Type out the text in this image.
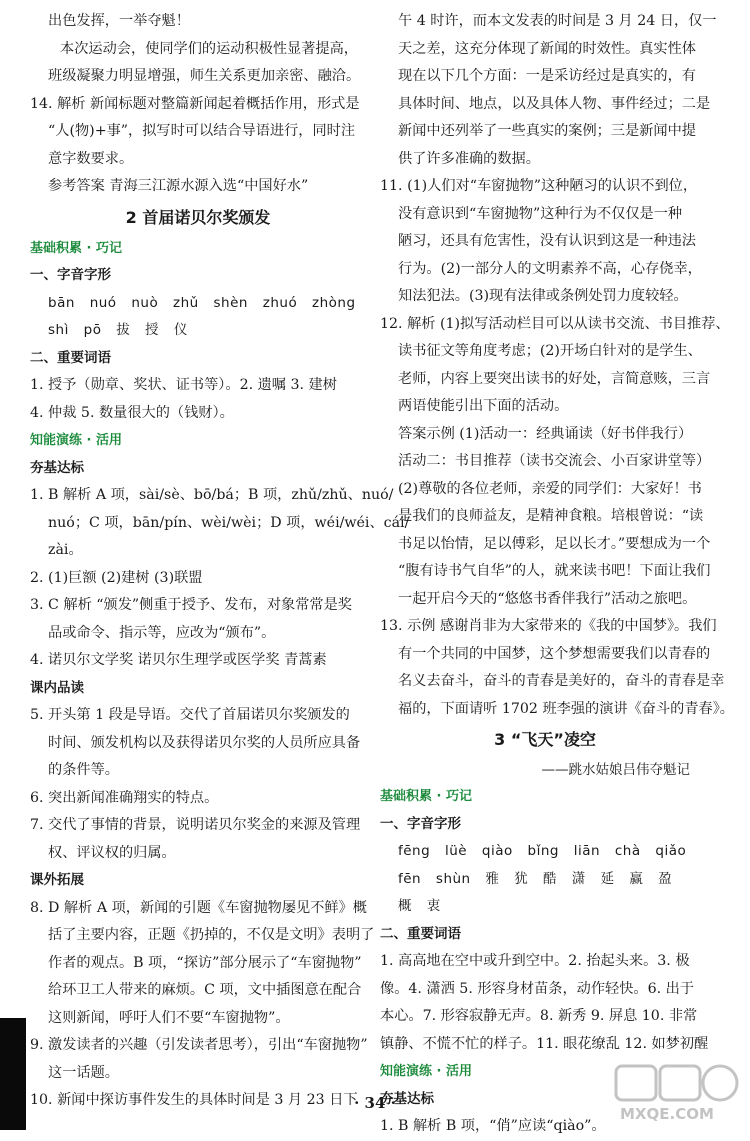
出色发挥，一举夺魁！
本次运动会，使同学们的运动积极性显著提高，
班级凝聚力明显增强，师生关系更加亲密、融洽。
14. 解析 新闻标题对整篇新闻起着概括作用，形式是
“人(物)+事”，拟写时可以结合导语进行，同时注
意字数要求。
参考答案 青海三江源水源入选“中国好水”
2 首届诺贝尔奖颁发
基础积累 · 巧记
一、字音字形
bān nuó nuò zhǔ shèn zhuó zhòng
shì pō 拔 授 仪
二、重要词语
1. 授予（勋章、奖状、证书等）。2. 遗嘱 3. 建树
4. 仲裁 5. 数量很大的（钱财）。
知能演练 · 活用
夯基达标
1. B 解析 A 项，sài/sè、bō/bá；B 项，zhǔ/zhǔ、nuó/
nuó；C 项，bān/pín、wèi/wèi；D 项，wéi/wéi、cái/
zài。
2. (1)巨额 (2)建树 (3)联盟
3. C 解析 “颁发”侧重于授予、发布，对象常常是奖
品或命令、指示等，应改为“颁布”。
4. 诺贝尔文学奖 诺贝尔生理学或医学奖 青蒿素
课内品读
5. 开头第 1 段是导语。交代了首届诺贝尔奖颁发的
时间、颁发机构以及获得诺贝尔奖的人员所应具备
的条件等。
6. 突出新闻准确翔实的特点。
7. 交代了事情的背景，说明诺贝尔奖金的来源及管理
权、评议权的归属。
课外拓展
8. D 解析 A 项，新闻的引题《车窗抛物屡见不鲜》概
括了主要内容，正题《扔掉的，不仅是文明》表明了
作者的观点。B 项，“探访”部分展示了“车窗抛物”
给环卫工人带来的麻烦。C 项，文中插图意在配合
这则新闻，呼吁人们不要“车窗抛物”。
9. 激发读者的兴趣（引发读者思考），引出“车窗抛物”
这一话题。
10. 新闻中探访事件发生的具体时间是 3 月 23 日下
午 4 时许，而本文发表的时间是 3 月 24 日，仅一
天之差，这充分体现了新闻的时效性。真实性体
现在以下几个方面：一是采访经过是真实的，有
具体时间、地点，以及具体人物、事件经过；二是
新闻中还列举了一些真实的案例；三是新闻中提
供了许多准确的数据。
11. (1)人们对“车窗抛物”这种陋习的认识不到位，
没有意识到“车窗抛物”这种行为不仅仅是一种
陋习，还具有危害性，没有认识到这是一种违法
行为。(2)一部分人的文明素养不高，心存侥幸，
知法犯法。(3)现有法律或条例处罚力度较轻。
12. 解析 (1)拟写活动栏目可以从读书交流、书目推荐、
读书征文等角度考虑；(2)开场白针对的是学生、
老师，内容上要突出读书的好处，言简意赅，三言
两语使能引出下面的活动。
答案示例 (1)活动一：经典诵读（好书伴我行）
活动二：书目推荐（读书交流会、小百家讲堂等）
(2)尊敬的各位老师，亲爱的同学们：大家好！书
是我们的良师益友，是精神食粮。培根曾说：“读
书足以怡情，足以傅彩，足以长才。”要想成为一个
“腹有诗书气自华”的人，就来读书吧！下面让我们
一起开启今天的“悠悠书香伴我行”活动之旅吧。
13. 示例 感谢肖非为大家带来的《我的中国梦》。我们
有一个共同的中国梦，这个梦想需要我们以青春的
名义去奋斗，奋斗的青春是美好的，奋斗的青春是幸
福的，下面请听 1702 班李强的演讲《奋斗的青春》。
3 “飞天”凌空
——跳水姑娘吕伟夺魁记
基础积累 · 巧记
一、字音字形
fēng lüè qiào bǐng liān chà qiǎo
fēn shùn 雅 犹 酷 潇 延 赢 盈
概 衷
二、重要词语
1. 高高地在空中或升到空中。2. 抬起头来。3. 极
像。4. 潇洒 5. 形容身材苗条，动作轻快。6. 出于
本心。7. 形容寂静无声。8. 新秀 9. 屏息 10. 非常
镇静、不慌不忙的样子。11. 眼花缭乱 12. 如梦初醒
知能演练 · 活用
夯基达标
1. B 解析 B 项，“俏”应读“qiào”。
· 34 ·
MXQE.COM
